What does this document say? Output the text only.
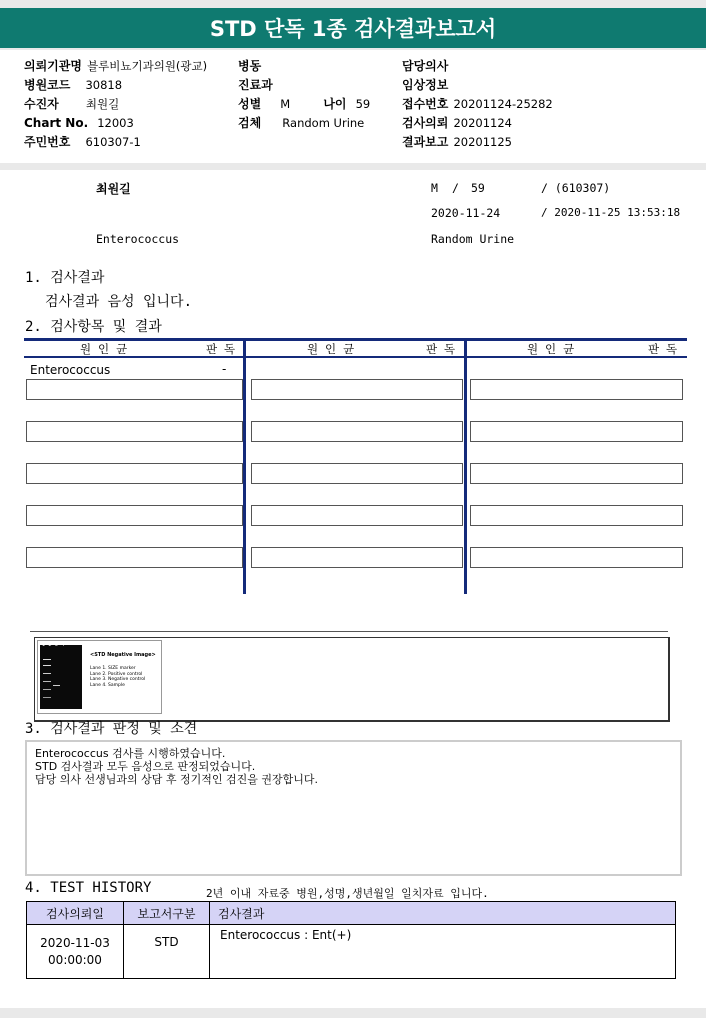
STD 단독 1종 검사결과보고서
의뢰기관명 블루비뇨기과의원(광교)
병원코드 30818
수진자 최원길
Chart No. 12003
주민번호 610307-1
병동
진료과
성별 M	나이 59
검체 Random Urine
담당의사
임상정보
접수번호 20201124-25282
검사의뢰 20201124
결과보고 20201125
최원길	M / 59	/ (610307)
2020-11-24	/ 2020-11-25 13:53:18
Enterococcus	Random Urine
1. 검사결과
검사결과 음성 입니다.
2. 검사항목 및 결과
원 인 균	판 독	원 인 균	판 독	원 인 균	판 독
Enterococcus	-
1  2  3  4
<STD Negative Image>
Lane 1. SIZE marker
Lane 2. Positive control
Lane 3. Negative control
Lane 4. Sample
3. 검사결과 판정 및 소견
Enterococcus 검사를 시행하였습니다.
STD 검사결과 모두 음성으로 판정되었습니다.
담당 의사 선생님과의 상담 후 정기적인 검진을 권장합니다.
4. TEST HISTORY	2년 이내 자료중 병원,성명,생년월일 일치자료 입니다.
검사의뢰일	보고서구분	검사결과

2020-11-03
00:00:00	STD	Enterococcus : Ent(+)
